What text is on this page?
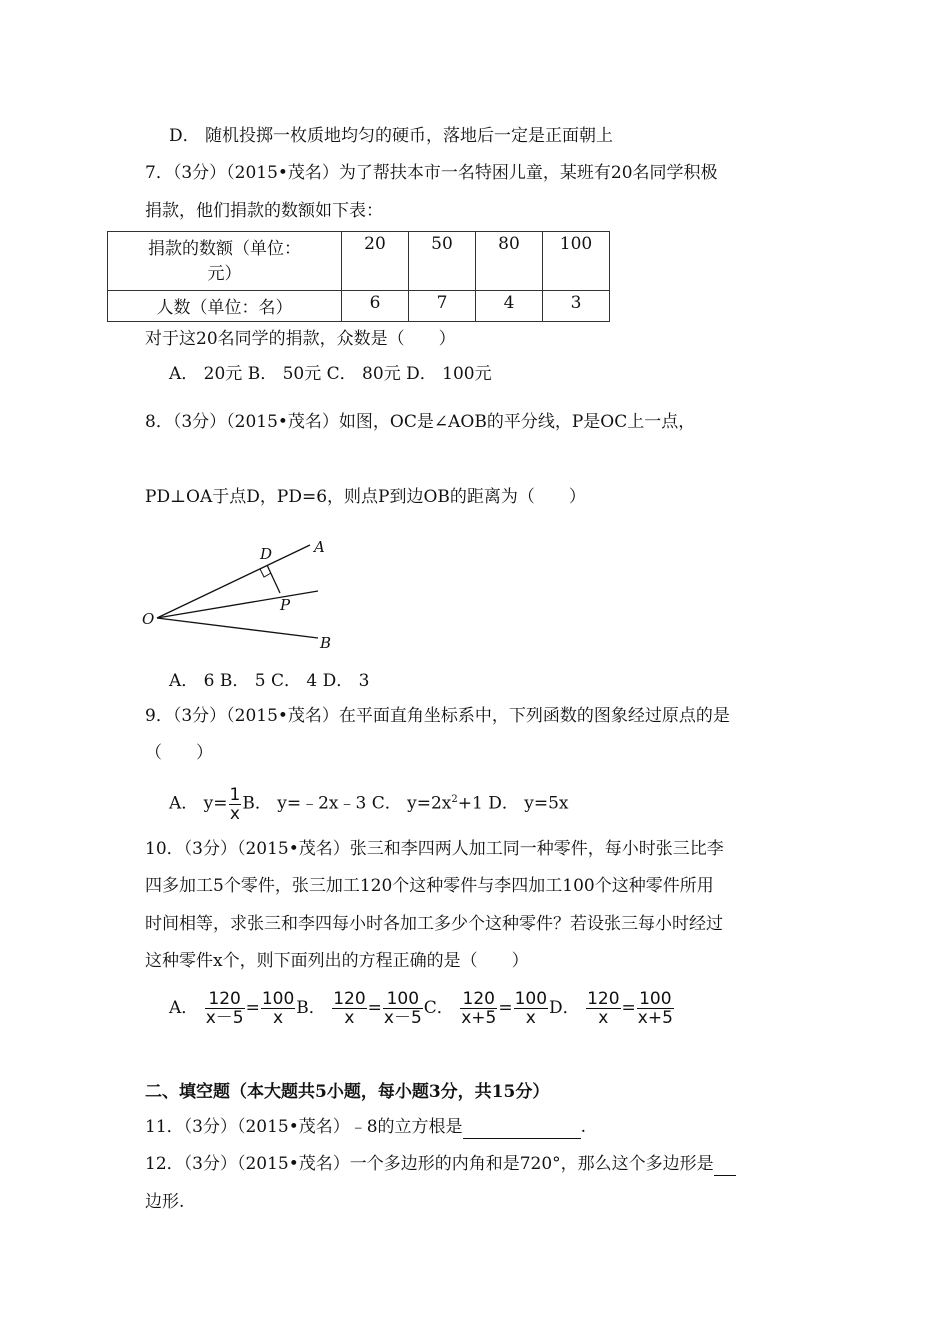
D． 随机投掷一枚质地均匀的硬币，落地后一定是正面朝上
7．（3分）（2015•茂名）为了帮扶本市一名特困儿童，某班有20名同学积极
捐款，他们捐款的数额如下表：
捐款的数额（单位：
元）	20	50	80	100
人数（单位：名）	6	7	4	3
对于这20名同学的捐款，众数是（　　）
A． 20元 B． 50元 C． 80元 D． 100元
8．（3分）（2015•茂名）如图，OC是∠AOB的平分线，P是OC上一点，
PD⊥OA于点D，PD=6，则点P到边OB的距离为（　　）
D	A
P
O
B
A． 6 B． 5 C． 4 D． 3
9．（3分）（2015•茂名）在平面直角坐标系中，下列函数的图象经过原点的是
（　　）
A． $y= \frac{1}{x}$ B． y=﹣2x﹣3 C． $y=2x^2+1$ D． y=5x
10．（3分）（2015•茂名）张三和李四两人加工同一种零件，每小时张三比李
四多加工5个零件，张三加工120个这种零件与李四加工100个这种零件所用
时间相等，求张三和李四每小时各加工多少个这种零件？若设张三每小时经过
这种零件x个，则下面列出的方程正确的是（　　）
A． $\frac{120}{x-5} = \frac{100}{x}$ B． $\frac{120}{x} = \frac{100}{x-5}$ C． $\frac{120}{x+5} = \frac{100}{x}$ D． $\frac{120}{x} = \frac{100}{x+5}$
二、填空题（本大题共5小题，每小题3分，共15分）
11．（3分）（2015•茂名）﹣8的立方根是	.
12．（3分）（2015•茂名）一个多边形的内角和是720°，那么这个多边形是
边形.
